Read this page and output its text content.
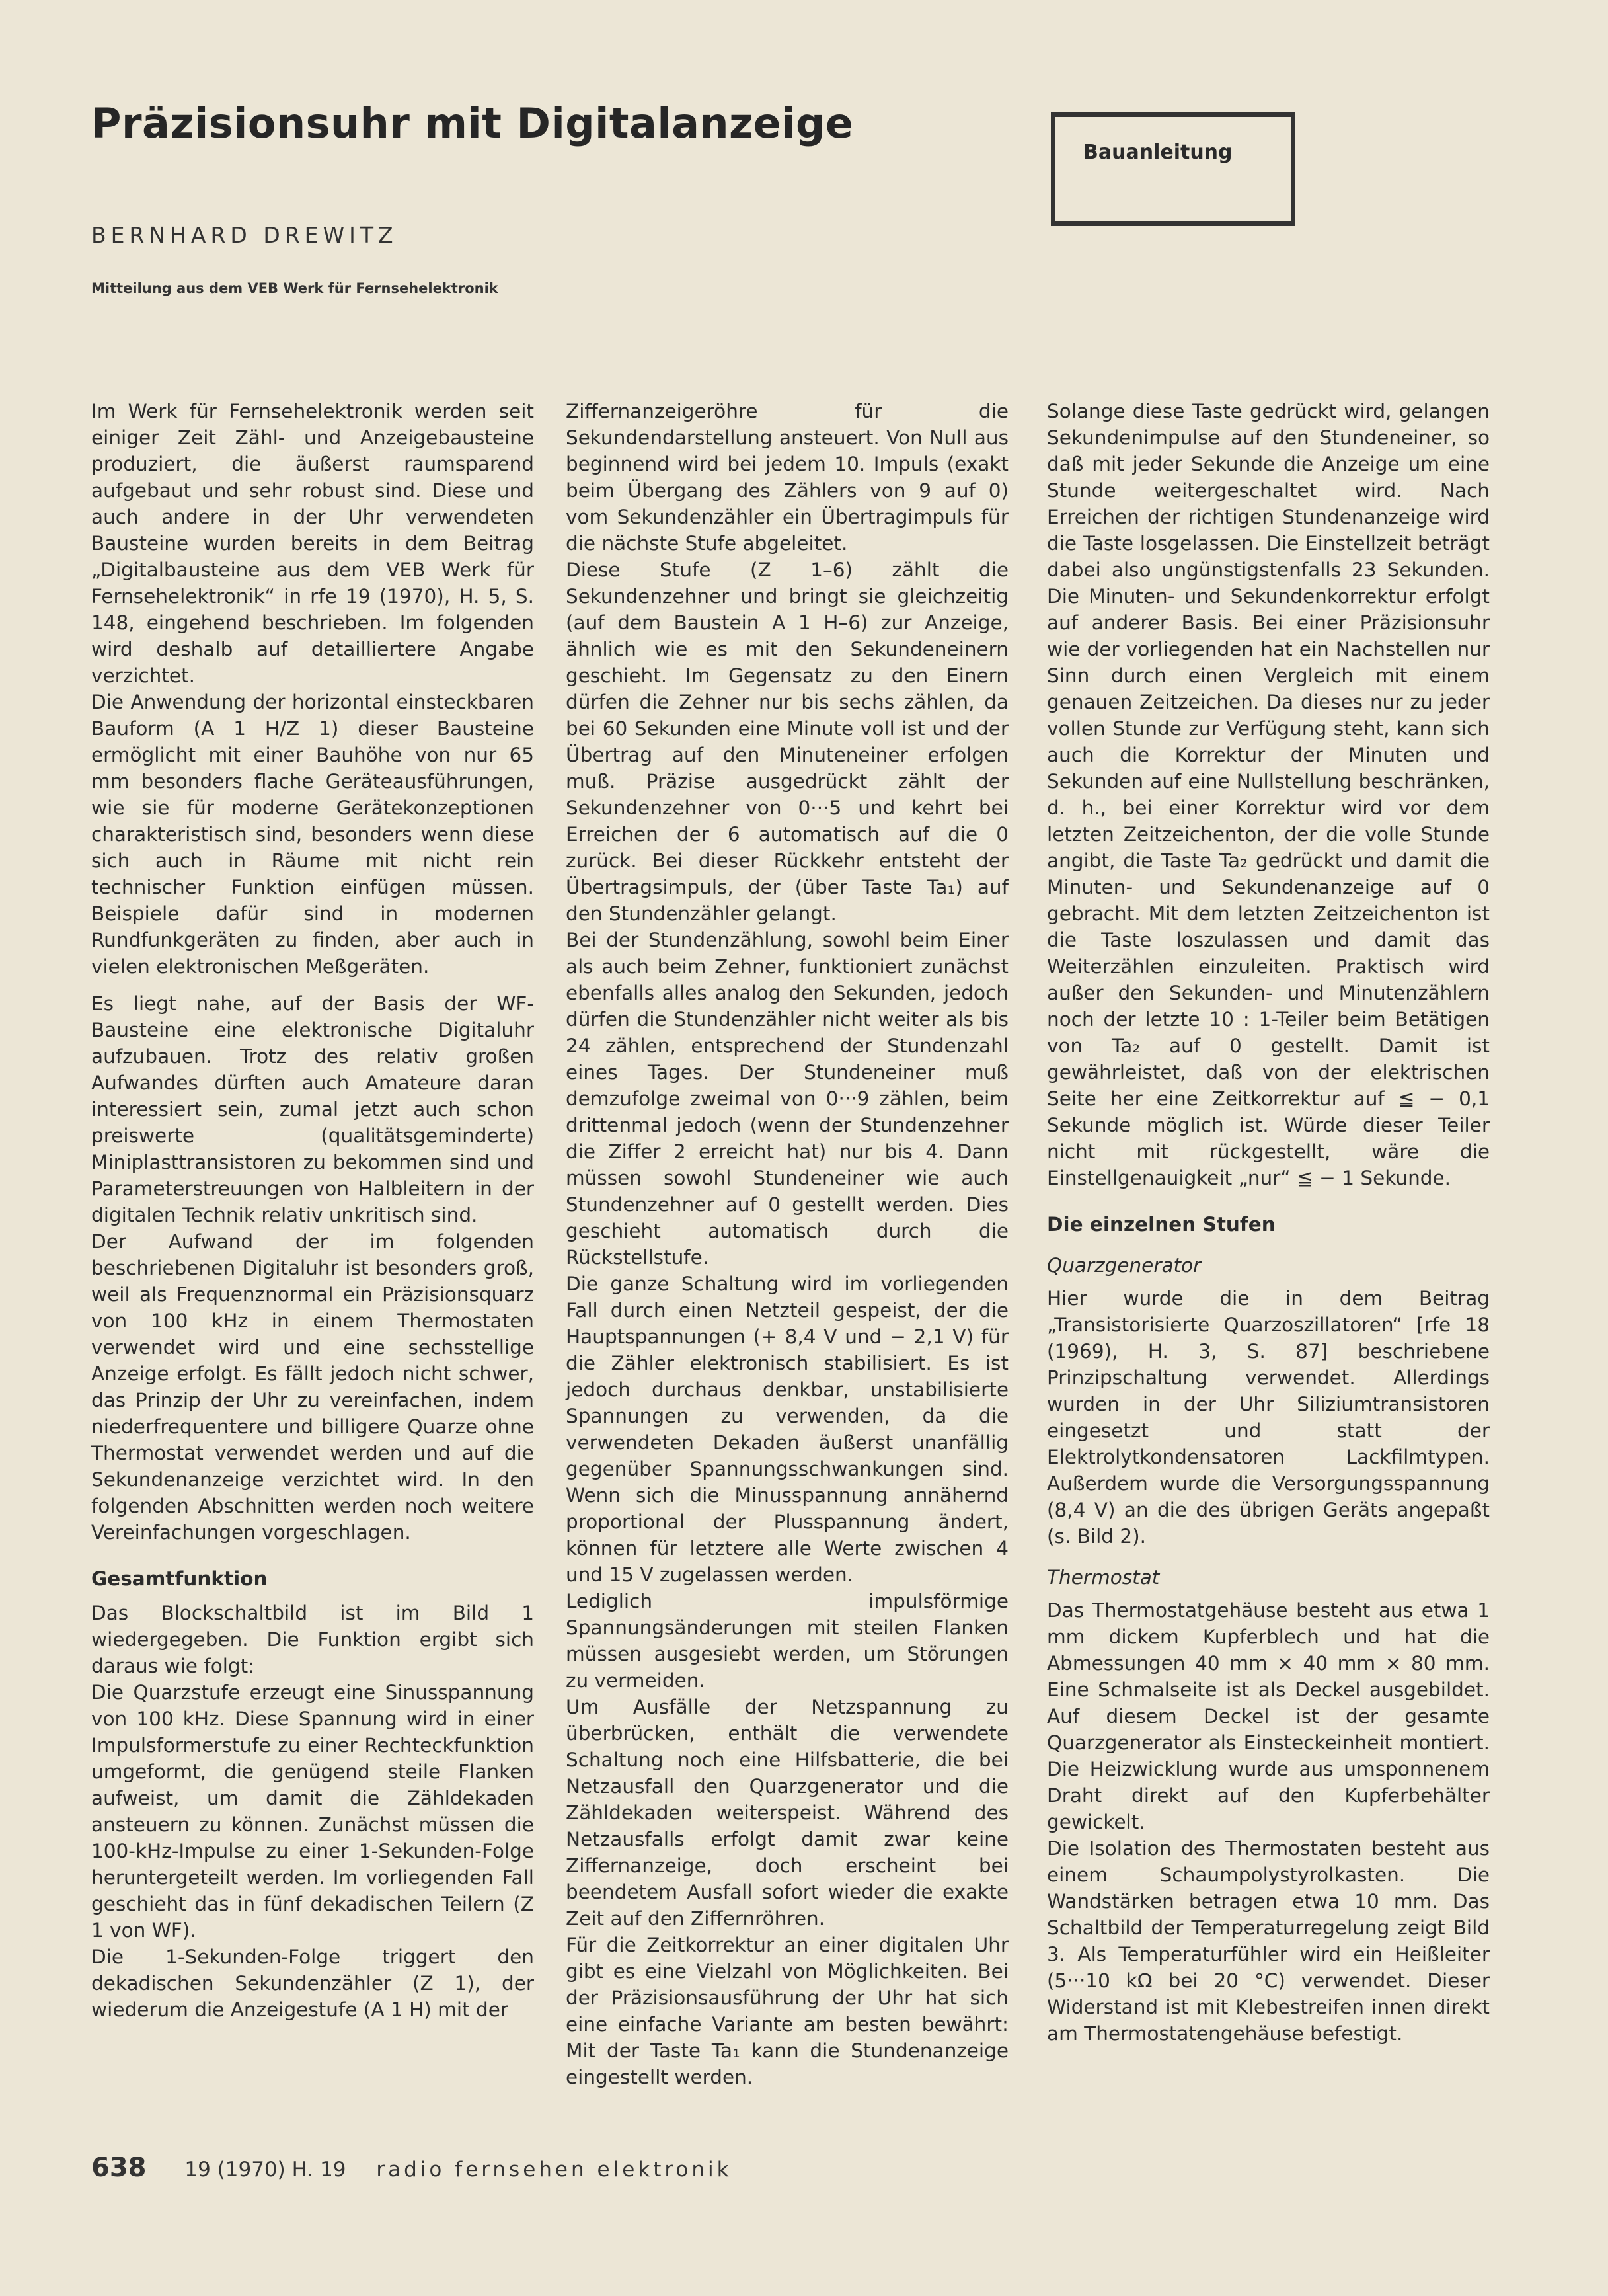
Präzisionsuhr mit Digitalanzeige
Bauanleitung
BERNHARD DREWITZ
Mitteilung aus dem VEB Werk für Fernsehelektronik

Im Werk für Fernsehelektronik werden seit einiger Zeit Zähl- und Anzeigebausteine produziert, die äußerst raumsparend aufgebaut und sehr robust sind. Diese und auch andere in der Uhr verwendeten Bausteine wurden bereits in dem Beitrag „Digitalbausteine aus dem VEB Werk für Fernsehelektronik“ in rfe 19 (1970), H. 5, S. 148, eingehend beschrieben. Im folgenden wird deshalb auf detailliertere Angabe verzichtet.

Die Anwendung der horizontal einsteckbaren Bauform (A 1 H/Z 1) dieser Bausteine ermöglicht mit einer Bauhöhe von nur 65 mm besonders flache Geräteausführungen, wie sie für moderne Gerätekonzeptionen charakteristisch sind, besonders wenn diese sich auch in Räume mit nicht rein technischer Funktion einfügen müssen. Beispiele dafür sind in modernen Rundfunkgeräten zu finden, aber auch in vielen elektronischen Meßgeräten.

Es liegt nahe, auf der Basis der WF-Bausteine eine elektronische Digitaluhr aufzubauen. Trotz des relativ großen Aufwandes dürften auch Amateure daran interessiert sein, zumal jetzt auch schon preiswerte (qualitätsgeminderte) Miniplasttransistoren zu bekommen sind und Parameterstreuungen von Halbleitern in der digitalen Technik relativ unkritisch sind.

Der Aufwand der im folgenden beschriebenen Digitaluhr ist besonders groß, weil als Frequenznormal ein Präzisionsquarz von 100 kHz in einem Thermostaten verwendet wird und eine sechsstellige Anzeige erfolgt. Es fällt jedoch nicht schwer, das Prinzip der Uhr zu vereinfachen, indem niederfrequentere und billigere Quarze ohne Thermostat verwendet werden und auf die Sekundenanzeige verzichtet wird. In den folgenden Abschnitten werden noch weitere Vereinfachungen vorgeschlagen.

Gesamtfunktion

Das Blockschaltbild ist im Bild 1 wiedergegeben. Die Funktion ergibt sich daraus wie folgt:

Die Quarzstufe erzeugt eine Sinusspannung von 100 kHz. Diese Spannung wird in einer Impulsformerstufe zu einer Rechteckfunktion umgeformt, die genügend steile Flanken aufweist, um damit die Zähldekaden ansteuern zu können. Zunächst müssen die 100-kHz-Impulse zu einer 1-Sekunden-Folge heruntergeteilt werden. Im vorliegenden Fall geschieht das in fünf dekadischen Teilern (Z 1 von WF).

Die 1-Sekunden-Folge triggert den dekadischen Sekundenzähler (Z 1), der wiederum die Anzeigestufe (A 1 H) mit der

Ziffernanzeigeröhre für die Sekundendarstellung ansteuert. Von Null aus beginnend wird bei jedem 10. Impuls (exakt beim Übergang des Zählers von 9 auf 0) vom Sekundenzähler ein Übertragimpuls für die nächste Stufe abgeleitet.

Diese Stufe (Z 1–6) zählt die Sekundenzehner und bringt sie gleichzeitig (auf dem Baustein A 1 H–6) zur Anzeige, ähnlich wie es mit den Sekundeneinern geschieht. Im Gegensatz zu den Einern dürfen die Zehner nur bis sechs zählen, da bei 60 Sekunden eine Minute voll ist und der Übertrag auf den Minuteneiner erfolgen muß. Präzise ausgedrückt zählt der Sekundenzehner von 0···5 und kehrt bei Erreichen der 6 automatisch auf die 0 zurück. Bei dieser Rückkehr entsteht der Übertragsimpuls, der (über Taste Ta₁) auf den Stundenzähler gelangt.

Bei der Stundenzählung, sowohl beim Einer als auch beim Zehner, funktioniert zunächst ebenfalls alles analog den Sekunden, jedoch dürfen die Stundenzähler nicht weiter als bis 24 zählen, entsprechend der Stundenzahl eines Tages. Der Stundeneiner muß demzufolge zweimal von 0···9 zählen, beim drittenmal jedoch (wenn der Stundenzehner die Ziffer 2 erreicht hat) nur bis 4. Dann müssen sowohl Stundeneiner wie auch Stundenzehner auf 0 gestellt werden. Dies geschieht automatisch durch die Rückstellstufe.

Die ganze Schaltung wird im vorliegenden Fall durch einen Netzteil gespeist, der die Hauptspannungen (+ 8,4 V und − 2,1 V) für die Zähler elektronisch stabilisiert. Es ist jedoch durchaus denkbar, unstabilisierte Spannungen zu verwenden, da die verwendeten Dekaden äußerst unanfällig gegenüber Spannungsschwankungen sind. Wenn sich die Minusspannung annähernd proportional der Plusspannung ändert, können für letztere alle Werte zwischen 4 und 15 V zugelassen werden.

Lediglich impulsförmige Spannungsänderungen mit steilen Flanken müssen ausgesiebt werden, um Störungen zu vermeiden.

Um Ausfälle der Netzspannung zu überbrücken, enthält die verwendete Schaltung noch eine Hilfsbatterie, die bei Netzausfall den Quarzgenerator und die Zähldekaden weiterspeist. Während des Netzausfalls erfolgt damit zwar keine Ziffernanzeige, doch erscheint bei beendetem Ausfall sofort wieder die exakte Zeit auf den Ziffernröhren.

Für die Zeitkorrektur an einer digitalen Uhr gibt es eine Vielzahl von Möglichkeiten. Bei der Präzisionsausführung der Uhr hat sich eine einfache Variante am besten bewährt: Mit der Taste Ta₁ kann die Stundenanzeige eingestellt werden.

Solange diese Taste gedrückt wird, gelangen Sekundenimpulse auf den Stundeneiner, so daß mit jeder Sekunde die Anzeige um eine Stunde weitergeschaltet wird. Nach Erreichen der richtigen Stundenanzeige wird die Taste losgelassen. Die Einstellzeit beträgt dabei also ungünstigstenfalls 23 Sekunden. Die Minuten- und Sekundenkorrektur erfolgt auf anderer Basis. Bei einer Präzisionsuhr wie der vorliegenden hat ein Nachstellen nur Sinn durch einen Vergleich mit einem genauen Zeitzeichen. Da dieses nur zu jeder vollen Stunde zur Verfügung steht, kann sich auch die Korrektur der Minuten und Sekunden auf eine Nullstellung beschränken, d. h., bei einer Korrektur wird vor dem letzten Zeitzeichenton, der die volle Stunde angibt, die Taste Ta₂ gedrückt und damit die Minuten- und Sekundenanzeige auf 0 gebracht. Mit dem letzten Zeitzeichenton ist die Taste loszulassen und damit das Weiterzählen einzuleiten. Praktisch wird außer den Sekunden- und Minutenzählern noch der letzte 10 : 1-Teiler beim Betätigen von Ta₂ auf 0 gestellt. Damit ist gewährleistet, daß von der elektrischen Seite her eine Zeitkorrektur auf ≦ − 0,1 Sekunde möglich ist. Würde dieser Teiler nicht mit rückgestellt, wäre die Einstellgenauigkeit „nur“ ≦ − 1 Sekunde.

Die einzelnen Stufen
Quarzgenerator

Hier wurde die in dem Beitrag „Transistorisierte Quarzoszillatoren“ [rfe 18 (1969), H. 3, S. 87] beschriebene Prinzipschaltung verwendet. Allerdings wurden in der Uhr Siliziumtransistoren eingesetzt und statt der Elektrolytkondensatoren Lackfilmtypen. Außerdem wurde die Versorgungsspannung (8,4 V) an die des übrigen Geräts angepaßt (s. Bild 2).

Thermostat

Das Thermostatgehäuse besteht aus etwa 1 mm dickem Kupferblech und hat die Abmessungen 40 mm × 40 mm × 80 mm. Eine Schmalseite ist als Deckel ausgebildet. Auf diesem Deckel ist der gesamte Quarzgenerator als Einsteckeinheit montiert. Die Heizwicklung wurde aus umsponnenem Draht direkt auf den Kupferbehälter gewickelt.

Die Isolation des Thermostaten besteht aus einem Schaumpolystyrolkasten. Die Wandstärken betragen etwa 10 mm. Das Schaltbild der Temperaturregelung zeigt Bild 3. Als Temperaturfühler wird ein Heißleiter (5···10 kΩ bei 20 °C) verwendet. Dieser Widerstand ist mit Klebestreifen innen direkt am Thermostatengehäuse befestigt.

638 19 (1970) H. 19 radio fernsehen elektronik
